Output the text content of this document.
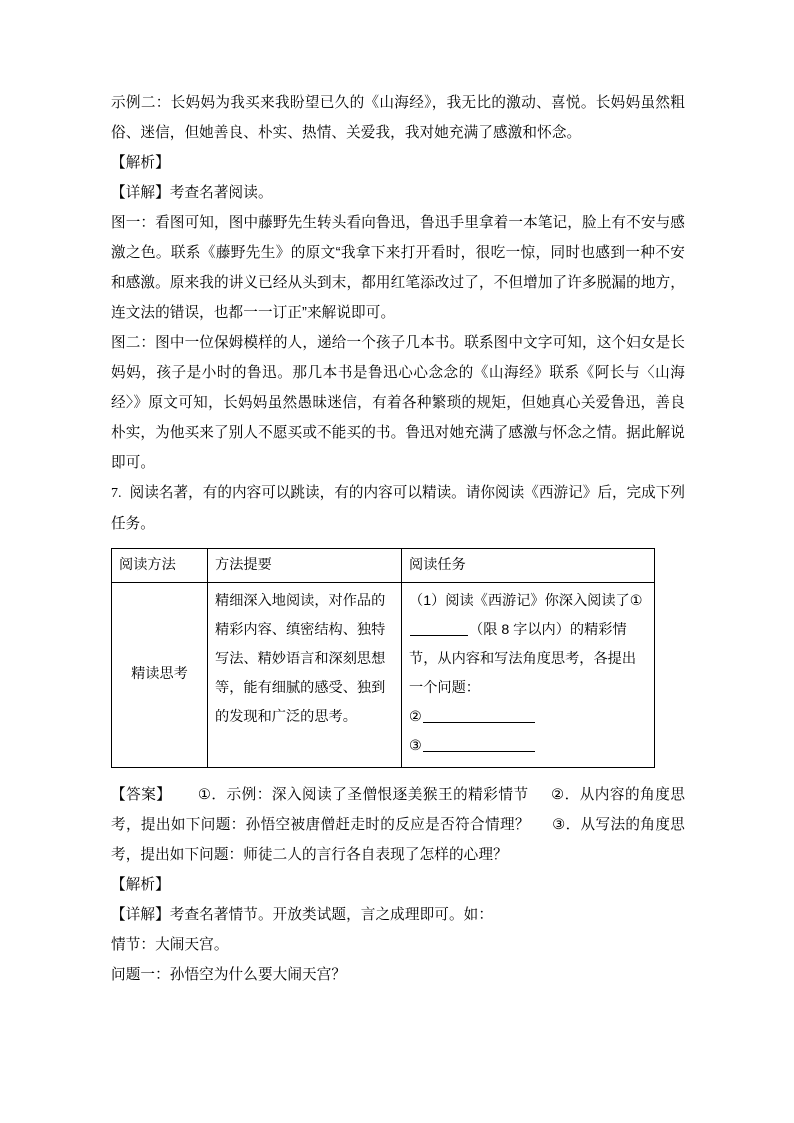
示例二：长妈妈为我买来我盼望已久的《山海经》，我无比的激动、喜悦。长妈妈虽然粗俗、迷信，但她善良、朴实、热情、关爱我，我对她充满了感激和怀念。

【解析】

【详解】考查名著阅读。

图一：看图可知，图中藤野先生转头看向鲁迅，鲁迅手里拿着一本笔记，脸上有不安与感激之色。联系《藤野先生》的原文“我拿下来打开看时，很吃一惊，同时也感到一种不安和感激。原来我的讲义已经从头到末，都用红笔添改过了，不但增加了许多脱漏的地方，连文法的错误，也都一一订正”来解说即可。

图二：图中一位保姆模样的人，递给一个孩子几本书。联系图中文字可知，这个妇女是长妈妈，孩子是小时的鲁迅。那几本书是鲁迅心心念念的《山海经》联系《阿长与〈山海经〉》原文可知，长妈妈虽然愚昧迷信，有着各种繁琐的规矩，但她真心关爱鲁迅，善良朴实，为他买来了别人不愿买或不能买的书。鲁迅对她充满了感激与怀念之情。据此解说即可。

7. 阅读名著，有的内容可以跳读，有的内容可以精读。请你阅读《西游记》后，完成下列任务。

阅读方法	方法提要	阅读任务
精读思考	精细深入地阅读，对作品的精彩内容、缜密结构、独特写法、精妙语言和深刻思想等，能有细腻的感受、独到的发现和广泛的思考。	（1）阅读《西游记》你深入阅读了①（限 8 字以内）的精彩情节，从内容和写法角度思考，各提出一个问题：
②
③

【答案】 ①．示例：深入阅读了圣僧恨逐美猴王的精彩情节 ②．从内容的角度思考，提出如下问题：孙悟空被唐僧赶走时的反应是否符合情理？ ③．从写法的角度思考，提出如下问题：师徒二人的言行各自表现了怎样的心理？

【解析】

【详解】考查名著情节。开放类试题，言之成理即可。如：

情节：大闹天宫。

问题一：孙悟空为什么要大闹天宫？
